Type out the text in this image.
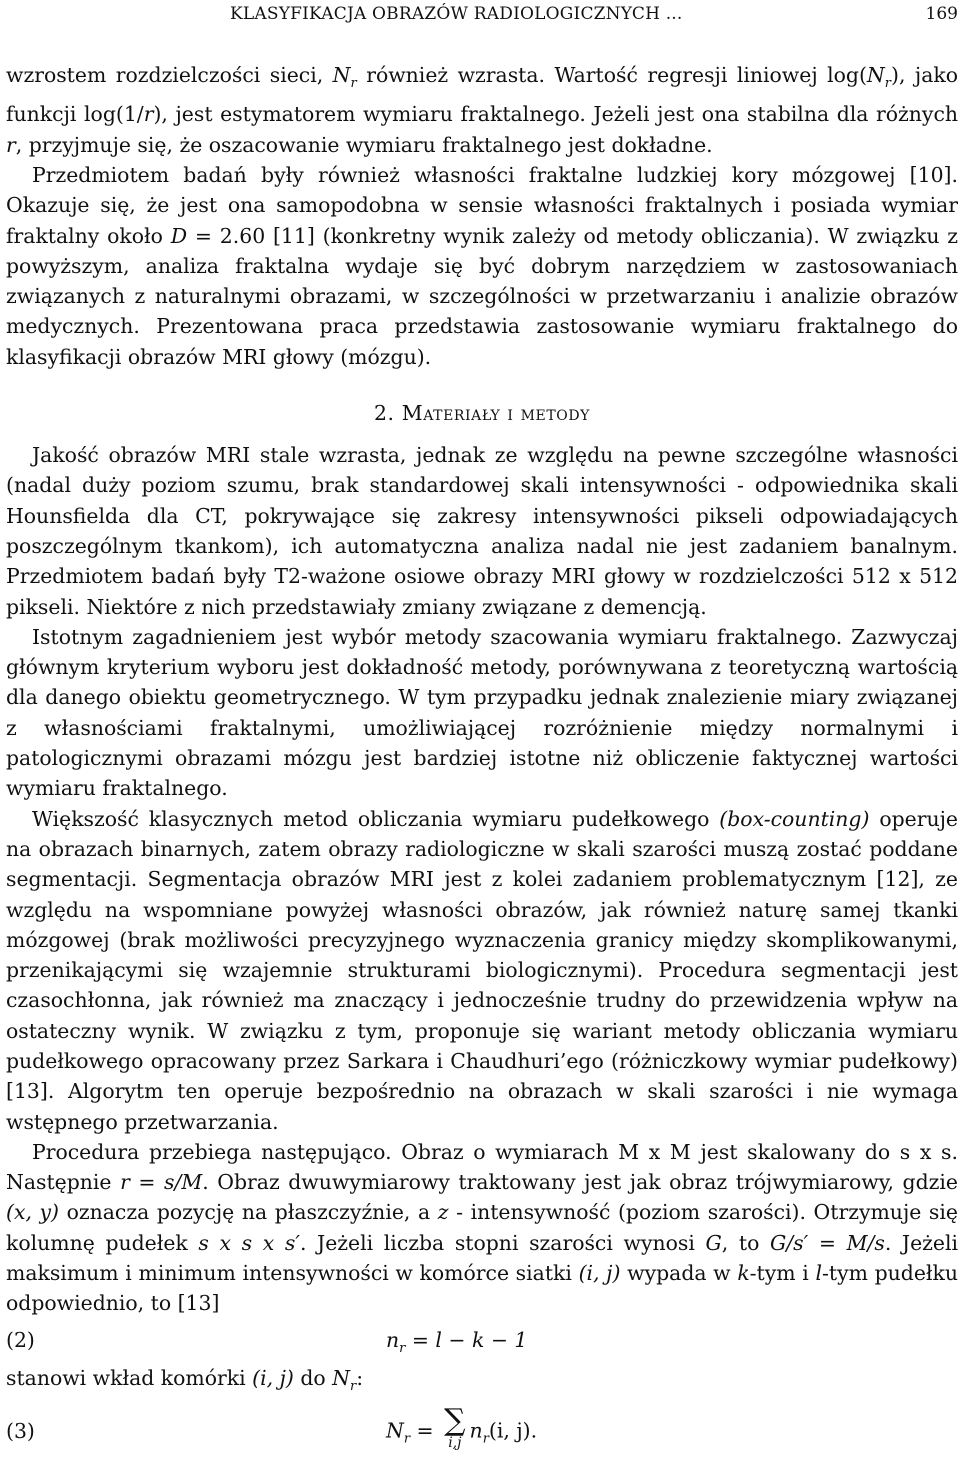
KLASYFIKACJA OBRAZÓW RADIOLOGICZNYCH ...	169

wzrostem rozdzielczości sieci, $N_r$ również wzrasta. Wartość regresji liniowej $\log(N_r)$, jako funkcji log(1/r), jest estymatorem wymiaru fraktalnego. Jeżeli jest ona stabilna dla różnych r, przyjmuje się, że oszacowanie wymiaru fraktalnego jest dokładne.

Przedmiotem badań były również własności fraktalne ludzkiej kory mózgowej [10]. Okazuje się, że jest ona samopodobna w sensie własności fraktalnych i posiada wymiar fraktalny około D = 2.60 [11] (konkretny wynik zależy od metody obliczania). W związku z powyższym, analiza fraktalna wydaje się być dobrym narzędziem w zastosowaniach związanych z naturalnymi obrazami, w szczególności w przetwarzaniu i analizie obrazów medycznych. Prezentowana praca przedstawia zastosowanie wymiaru fraktalnego do klasyfikacji obrazów MRI głowy (mózgu).

2. Materiały i metody

Jakość obrazów MRI stale wzrasta, jednak ze względu na pewne szczególne własności (nadal duży poziom szumu, brak standardowej skali intensywności - odpowiednika skali Hounsfielda dla CT, pokrywające się zakresy intensywności pikseli odpowiadających poszczególnym tkankom), ich automatyczna analiza nadal nie jest zadaniem banalnym. Przedmiotem badań były T2-ważone osiowe obrazy MRI głowy w rozdzielczości 512 x 512 pikseli. Niektóre z nich przedstawiały zmiany związane z demencją.

Istotnym zagadnieniem jest wybór metody szacowania wymiaru fraktalnego. Zazwyczaj głównym kryterium wyboru jest dokładność metody, porównywana z teoretyczną wartością dla danego obiektu geometrycznego. W tym przypadku jednak znalezienie miary związanej z własnościami fraktalnymi, umożliwiającej rozróżnienie między normalnymi i patologicznymi obrazami mózgu jest bardziej istotne niż obliczenie faktycznej wartości wymiaru fraktalnego.

Większość klasycznych metod obliczania wymiaru pudełkowego (box-counting) operuje na obrazach binarnych, zatem obrazy radiologiczne w skali szarości muszą zostać poddane segmentacji. Segmentacja obrazów MRI jest z kolei zadaniem problematycznym [12], ze względu na wspomniane powyżej własności obrazów, jak również naturę samej tkanki mózgowej (brak możliwości precyzyjnego wyznaczenia granicy między skomplikowanymi, przenikającymi się wzajemnie strukturami biologicznymi). Procedura segmentacji jest czasochłonna, jak również ma znaczący i jednocześnie trudny do przewidzenia wpływ na ostateczny wynik. W związku z tym, proponuje się wariant metody obliczania wymiaru pudełkowego opracowany przez Sarkara i Chaudhuri’ego (różniczkowy wymiar pudełkowy) [13]. Algorytm ten operuje bezpośrednio na obrazach w skali szarości i nie wymaga wstępnego przetwarzania.

Procedura przebiega następująco. Obraz o wymiarach M x M jest skalowany do s x s. Następnie r = s/M. Obraz dwuwymiarowy traktowany jest jak obraz trójwymiarowy, gdzie (x, y) oznacza pozycję na płaszczyźnie, a z - intensywność (poziom szarości). Otrzymuje się kolumnę pudełek s x s x s′. Jeżeli liczba stopni szarości wynosi G, to G/s′ = M/s. Jeżeli maksimum i minimum intensywności w komórce siatki (i, j) wypada w k-tym i l-tym pudełku odpowiednio, to [13]

(2)	$n_r = l - k - 1$

stanowi wkład komórki (i, j) do $N_r$:

(3)	$N_r$ = ∑
i,j
$n_r(i$, j).
